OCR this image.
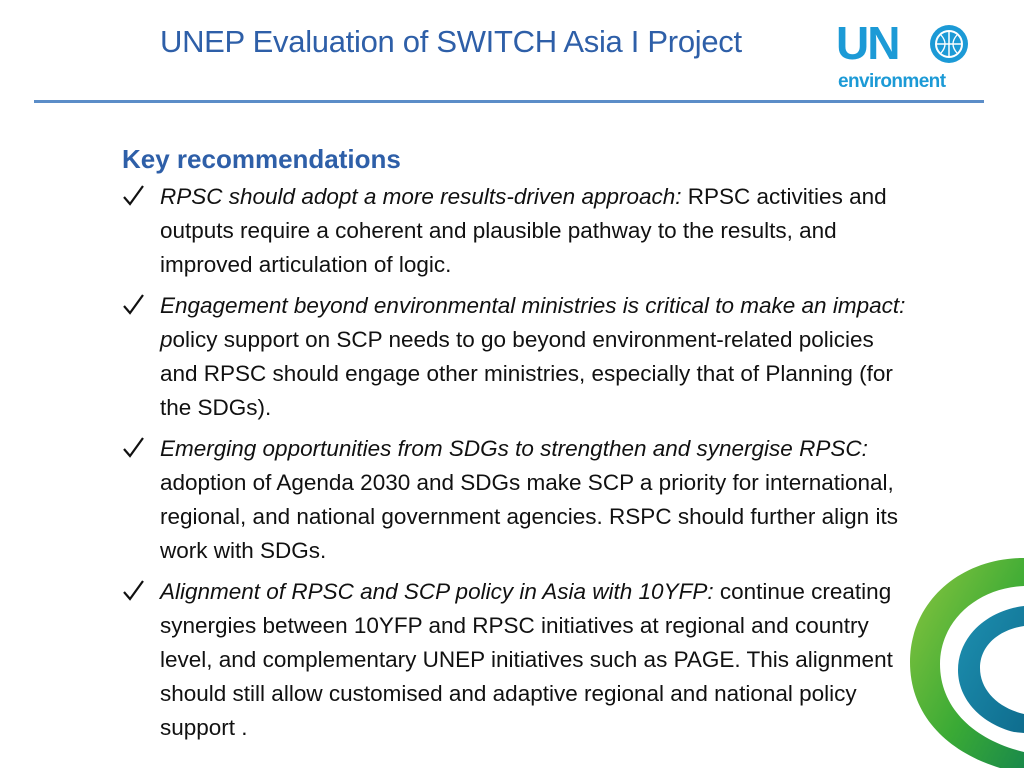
UNEP Evaluation of SWITCH Asia I Project UN
environment
Key recommendations
RPSC should adopt a more results-driven approach: RPSC activities and outputs require a coherent and plausible pathway to the results, and improved articulation of logic.
Engagement beyond environmental ministries is critical to make an impact: policy support on SCP needs to go beyond environment-related policies and RPSC should engage other ministries, especially that of Planning (for the SDGs).
Emerging opportunities from SDGs to strengthen and synergise RPSC: adoption of Agenda 2030 and SDGs make SCP a priority for international, regional, and national government agencies. RSPC should further align its work with SDGs.
Alignment of RPSC and SCP policy in Asia with 10YFP: continue creating synergies between 10YFP and RPSC initiatives at regional and country level, and complementary UNEP initiatives such as PAGE. This alignment should still allow customised and adaptive regional and national policy support .
